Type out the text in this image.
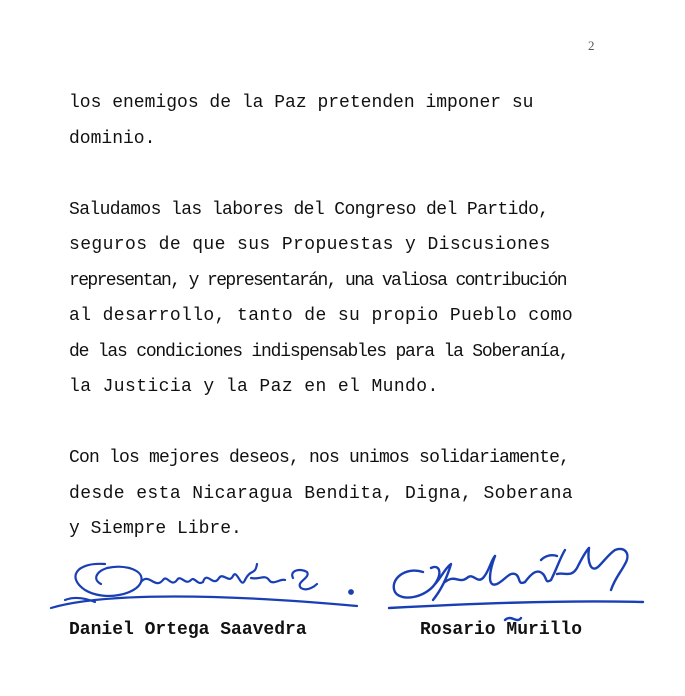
2

los enemigos de la Paz pretenden imponer su
dominio.

Saludamos las labores del Congreso del Partido,
seguros de que sus Propuestas y Discusiones
representan, y representarán, una valiosa contribución
al desarrollo, tanto de su propio Pueblo como
de las condiciones indispensables para la Soberanía,
la Justicia y la Paz en el Mundo.

Con los mejores deseos, nos unimos solidariamente,
desde esta Nicaragua Bendita, Digna, Soberana
y Siempre Libre.

Daniel Ortega Saavedra	Rosario Murillo
